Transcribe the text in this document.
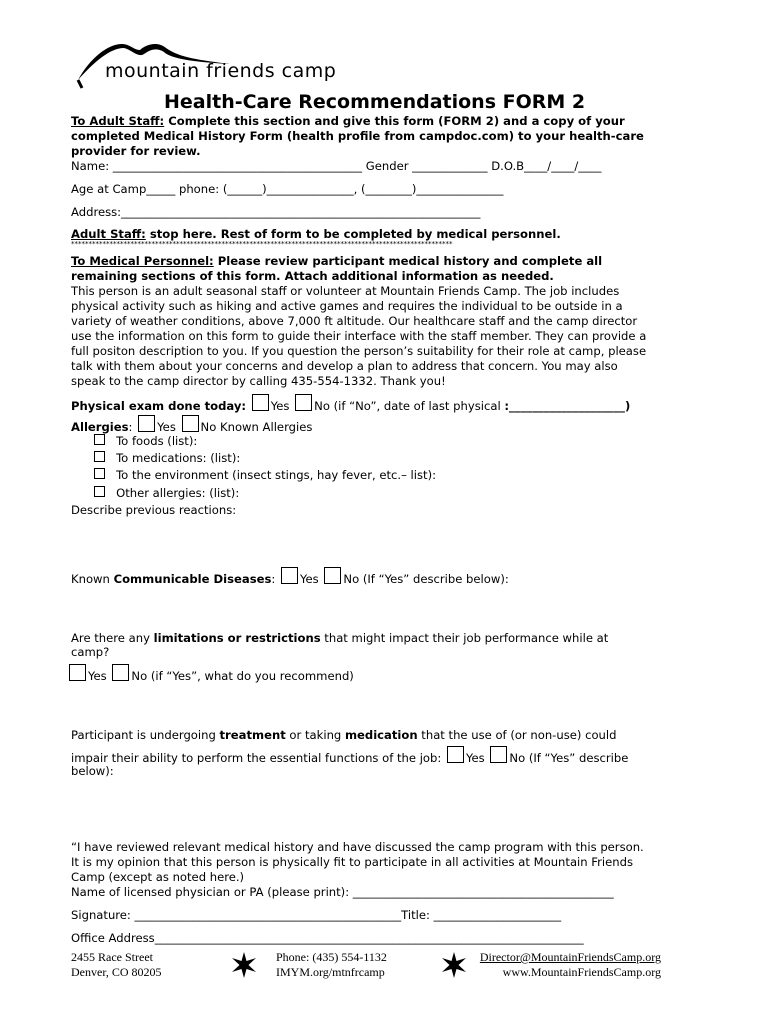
mountain friends camp
Health-Care Recommendations FORM 2
To Adult Staff: Complete this section and give this form (FORM 2) and a copy of your
completed Medical History Form (health profile from campdoc.com) to your health-care
provider for review.
Name: ___________________________________________ Gender _____________ D.O.B____/____/____
Age at Camp_____ phone: (______)_______________, (________)_______________
Address:______________________________________________________________
Adult Staff: stop here. Rest of form to be completed by medical personnel.
*************************************************************************************************************
To Medical Personnel: Please review participant medical history and complete all
remaining sections of this form. Attach additional information as needed.
This person is an adult seasonal staff or volunteer at Mountain Friends Camp. The job includes
physical activity such as hiking and active games and requires the individual to be outside in a
variety of weather conditions, above 7,000 ft altitude. Our healthcare staff and the camp director
use the information on this form to guide their interface with the staff member. They can provide a
full positon description to you. If you question the person’s suitability for their role at camp, please
talk with them about your concerns and develop a plan to address that concern. You may also
speak to the camp director by calling 435-554-1332. Thank you!
Physical exam done today: Yes No (if “No”, date of last physical :____________________)
Allergies: Yes No Known Allergies
To foods (list):
To medications: (list):
To the environment (insect stings, hay fever, etc.– list):
Other allergies: (list):
Describe previous reactions:
Known Communicable Diseases: Yes No (If “Yes” describe below):
Are there any limitations or restrictions that might impact their job performance while at
camp?
Yes No (if “Yes”, what do you recommend)
Participant is undergoing treatment or taking medication that the use of (or non-use) could
impair their ability to perform the essential functions of the job: Yes No (If “Yes” describe
below):
“I have reviewed relevant medical history and have discussed the camp program with this person.
It is my opinion that this person is physically fit to participate in all activities at Mountain Friends
Camp (except as noted here.)
Name of licensed physician or PA (please print): _____________________________________________
Signature: ______________________________________________Title: ______________________
Office Address__________________________________________________________________________
2455 Race Street
Denver, CO 80205
Phone: (435) 554-1132
IMYM.org/mtnfrcamp
Director@MountainFriendsCamp.org
www.MountainFriendsCamp.org
